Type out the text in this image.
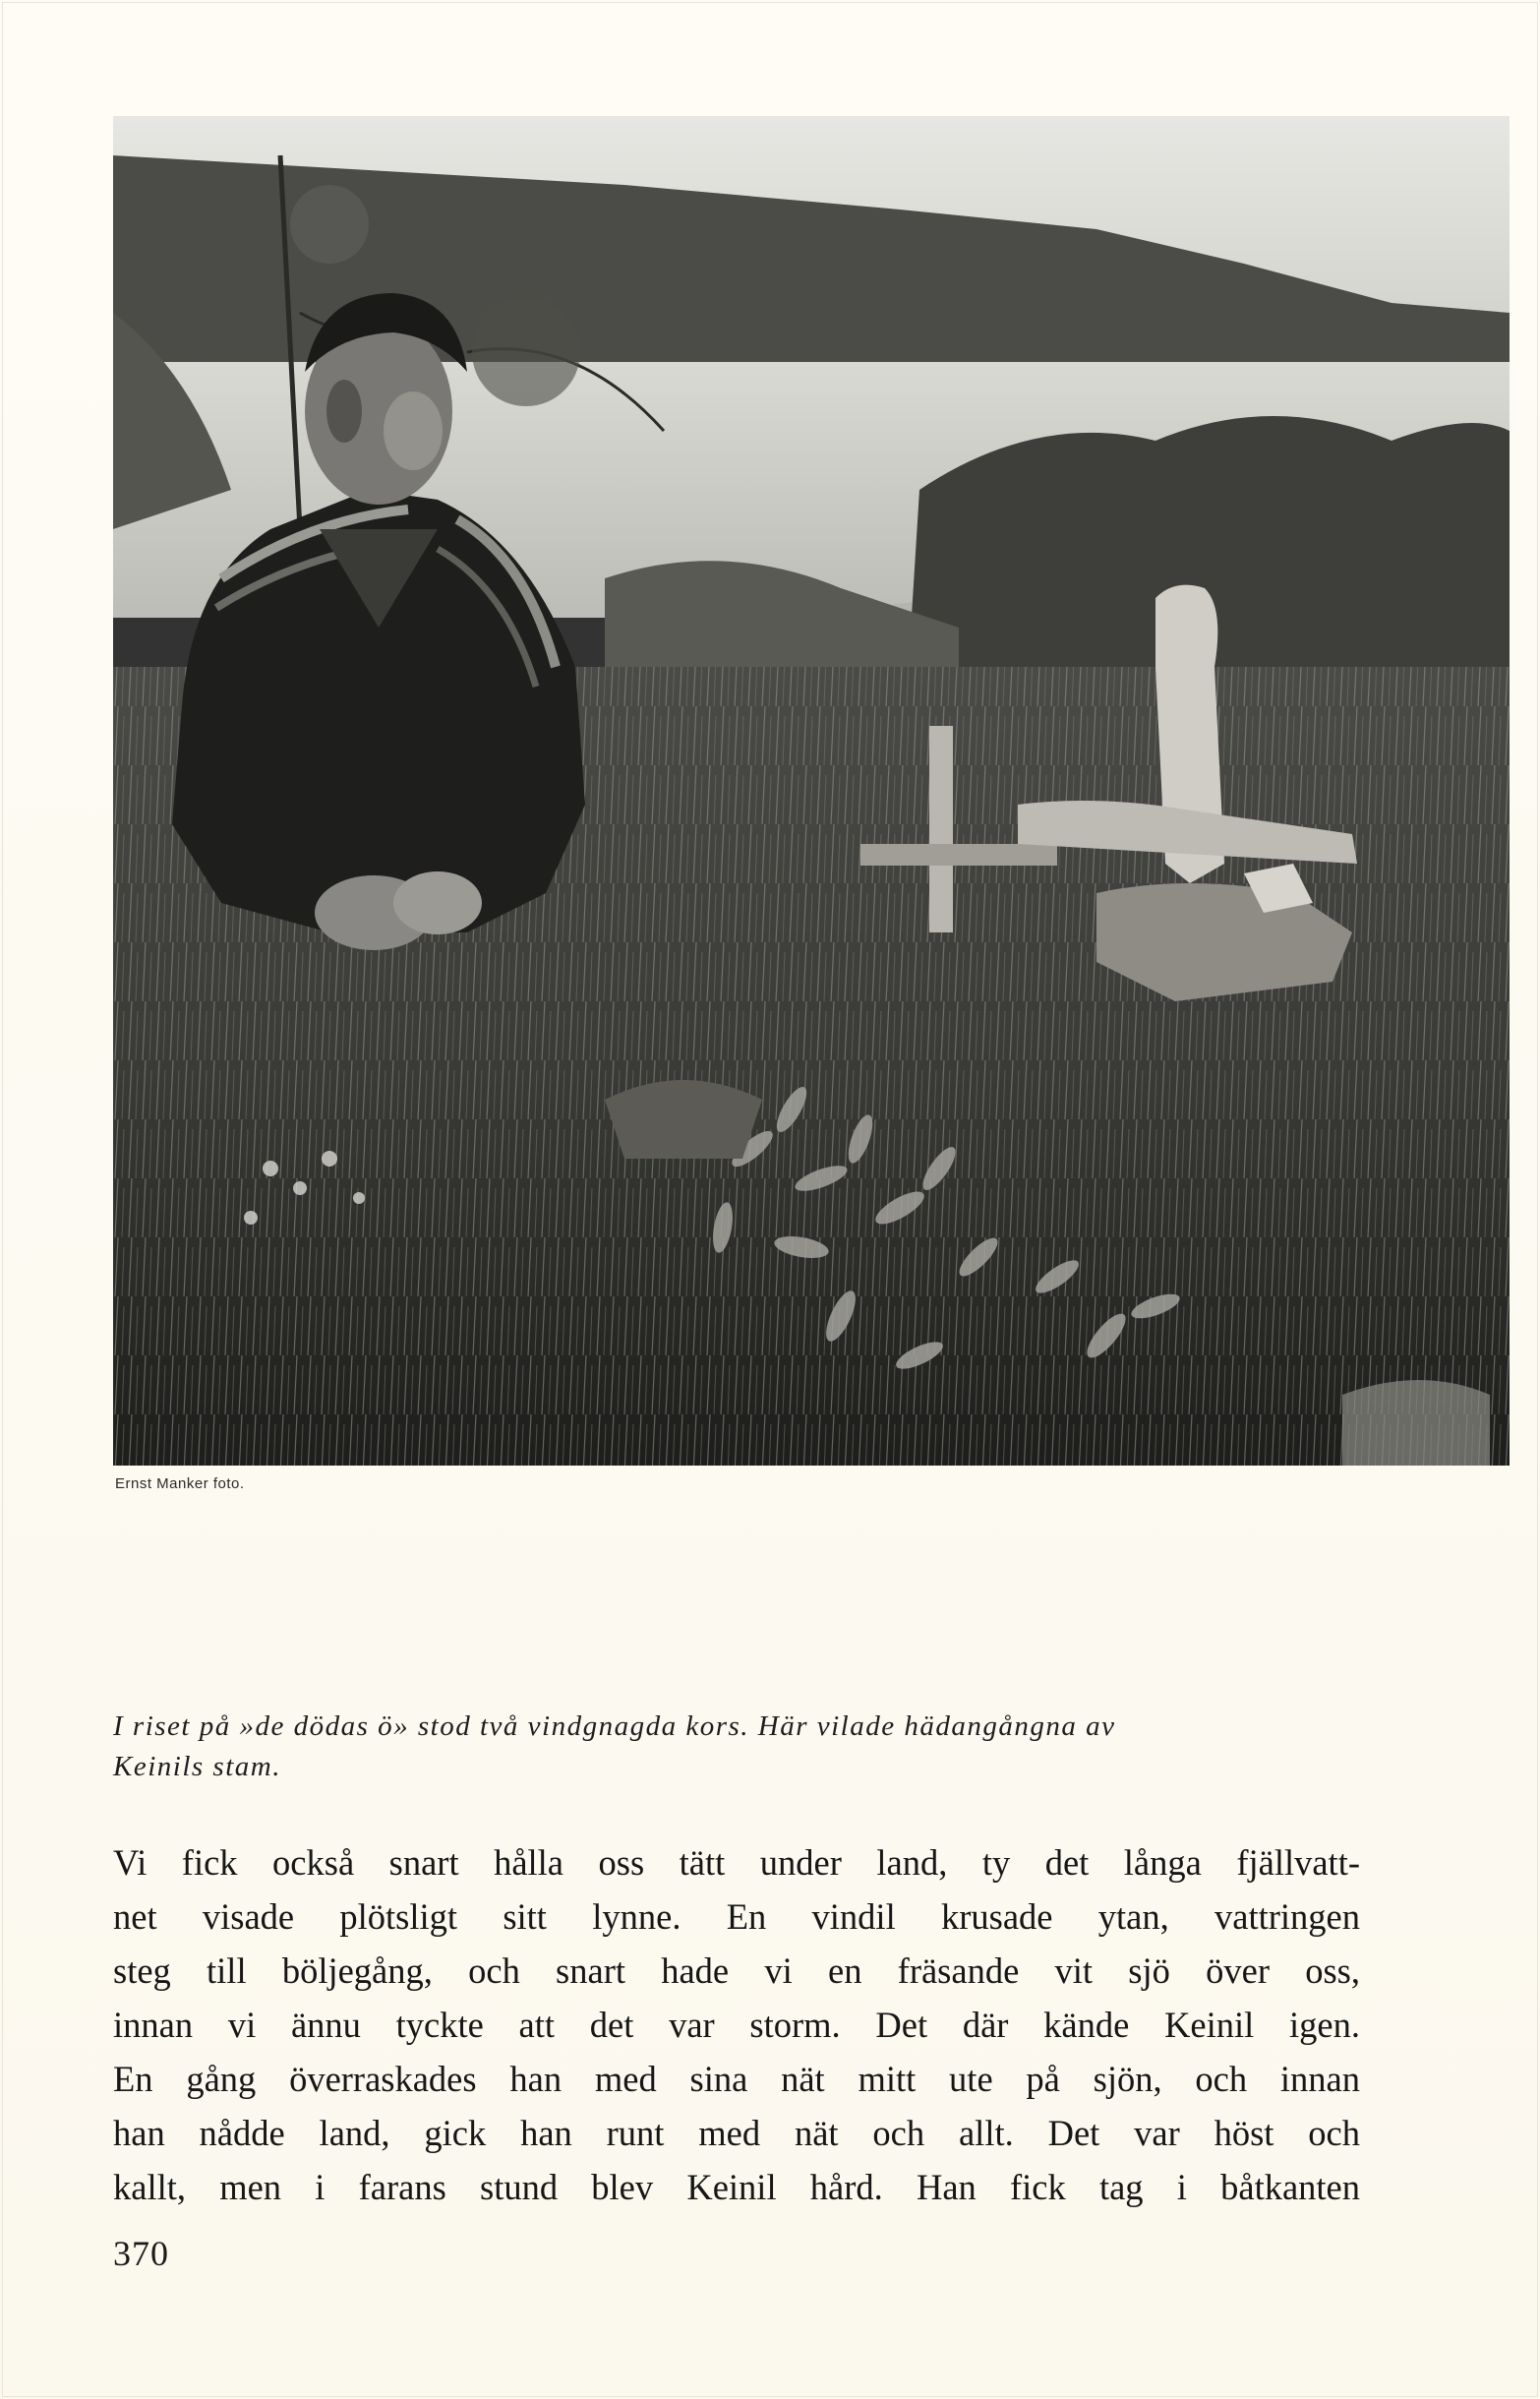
Ernst Manker foto.
I riset på »de dödas ö» stod två vindgnagda kors. Här vilade hädangångna av
Keinils stam.
Vi fick också snart hålla oss tätt under land, ty det långa fjällvatt-
net visade plötsligt sitt lynne. En vindil krusade ytan, vattringen
steg till böljegång, och snart hade vi en fräsande vit sjö över oss,
innan vi ännu tyckte att det var storm. Det där kände Keinil igen.
En gång överraskades han med sina nät mitt ute på sjön, och innan
han nådde land, gick han runt med nät och allt. Det var höst och
kallt, men i farans stund blev Keinil hård. Han fick tag i båtkanten
370
